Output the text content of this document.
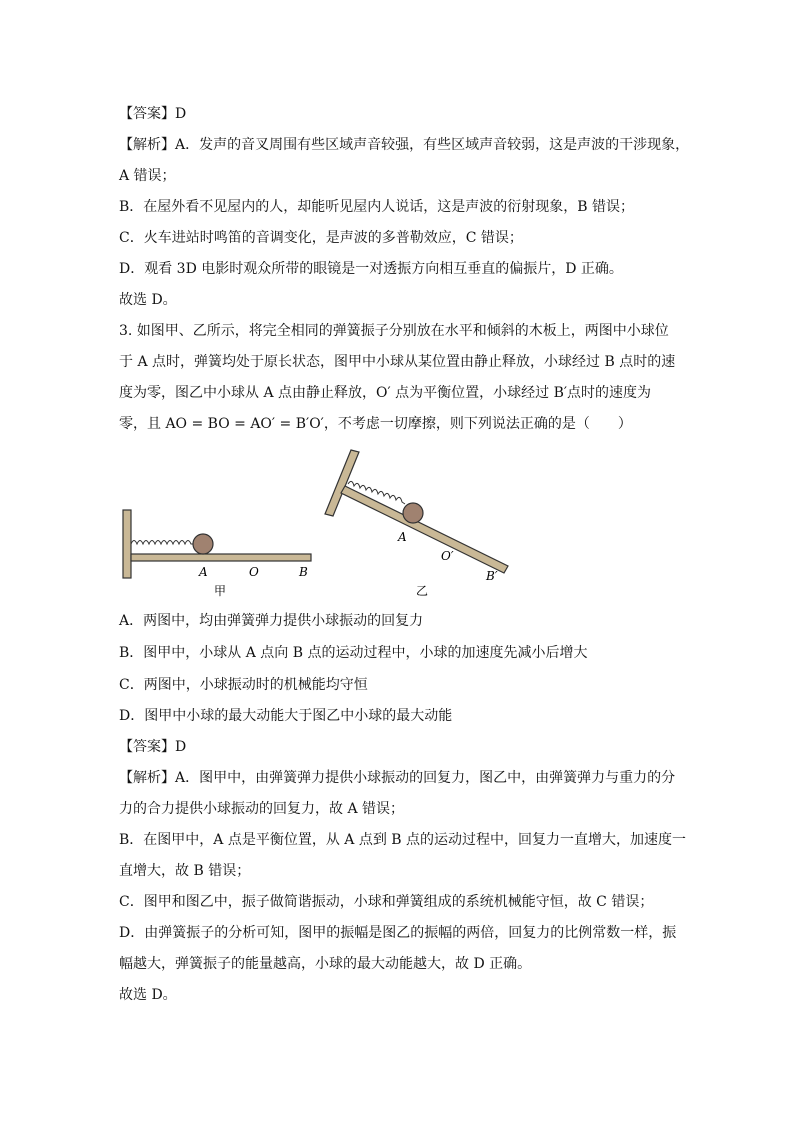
【答案】D
【解析】A．发声的音叉周围有些区域声音较强，有些区域声音较弱，这是声波的干涉现象，
A 错误；
B．在屋外看不见屋内的人，却能听见屋内人说话，这是声波的衍射现象，B 错误；
C．火车进站时鸣笛的音调变化，是声波的多普勒效应，C 错误；
D．观看 3D 电影时观众所带的眼镜是一对透振方向相互垂直的偏振片，D 正确。
故选 D。
3. 如图甲、乙所示，将完全相同的弹簧振子分别放在水平和倾斜的木板上，两图中小球位
于 A 点时，弹簧均处于原长状态，图甲中小球从某位置由静止释放，小球经过 B 点时的速
度为零，图乙中小球从 A 点由静止释放，O′ 点为平衡位置，小球经过 B′点时的速度为
零，且 AO = BO = AO′ = B′O′，不考虑一切摩擦，则下列说法正确的是（　　）
A	O	B
甲
A
O′
B′
乙
A．两图中，均由弹簧弹力提供小球振动的回复力
B．图甲中，小球从 A 点向 B 点的运动过程中，小球的加速度先减小后增大
C．两图中，小球振动时的机械能均守恒
D．图甲中小球的最大动能大于图乙中小球的最大动能
【答案】D
【解析】A．图甲中，由弹簧弹力提供小球振动的回复力，图乙中，由弹簧弹力与重力的分
力的合力提供小球振动的回复力，故 A 错误；
B．在图甲中，A 点是平衡位置，从 A 点到 B 点的运动过程中，回复力一直增大，加速度一
直增大，故 B 错误；
C．图甲和图乙中，振子做简谐振动，小球和弹簧组成的系统机械能守恒，故 C 错误；
D．由弹簧振子的分析可知，图甲的振幅是图乙的振幅的两倍，回复力的比例常数一样，振
幅越大，弹簧振子的能量越高，小球的最大动能越大，故 D 正确。
故选 D。
